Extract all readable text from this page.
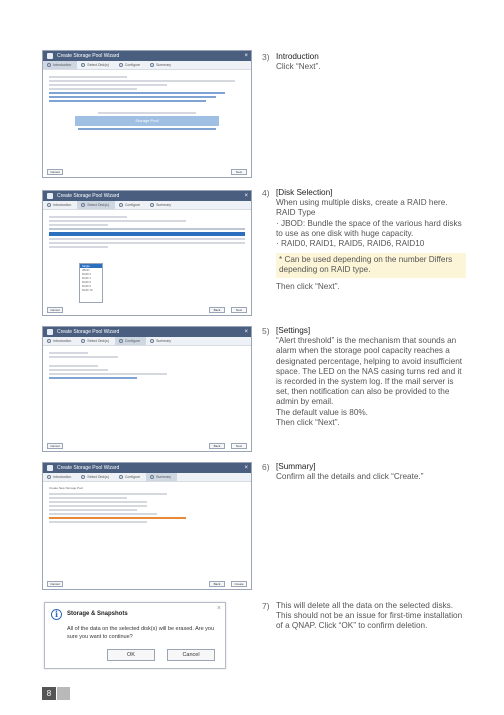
Create Storage Pool Wizard	×
Introduction	Select Disk(s)	Configure	Summary
Storage Pool
Cancel	Next
Create Storage Pool Wizard	×
Introduction	Select Disk(s)	Configure	Summary
Single
JBOD
RAID 0
RAID 1
RAID 5
RAID 6
RAID 10
Cancel	Back	Next
Create Storage Pool Wizard	×
Introduction	Select Disk(s)	Configure	Summary
Cancel	Back	Next
Create Storage Pool Wizard	×
Introduction	Select Disk(s)	Configure	Summary
Create New Storage Pool
Cancel	Back	Create
i	Storage & Snapshots
×
All of the data on the selected disk(s) will be erased. Are you sure you want to continue?
OK	Cancel
3) Introduction
Click “Next”.
4) [Disk Selection]
When using multiple disks, create a RAID here.
RAID Type
· JBOD: Bundle the space of the various hard disks to use as one disk with huge capacity.
· RAID0, RAID1, RAID5, RAID6, RAID10
* Can be used depending on the number Differs depending on RAID type.
Then click “Next”.
5) [Settings]
“Alert threshold” is the mechanism that sounds an alarm when the storage pool capacity reaches a designated percentage, helping to avoid insufficient space. The LED on the NAS casing turns red and it is recorded in the system log. If the mail server is set, then notification can also be provided to the admin by email.
The default value is 80%.
Then click “Next”.
6) [Summary]
Confirm all the details and click “Create.”
7) This will delete all the data on the selected disks. This should not be an issue for first-time installation of a QNAP. Click “OK” to confirm deletion.
8
